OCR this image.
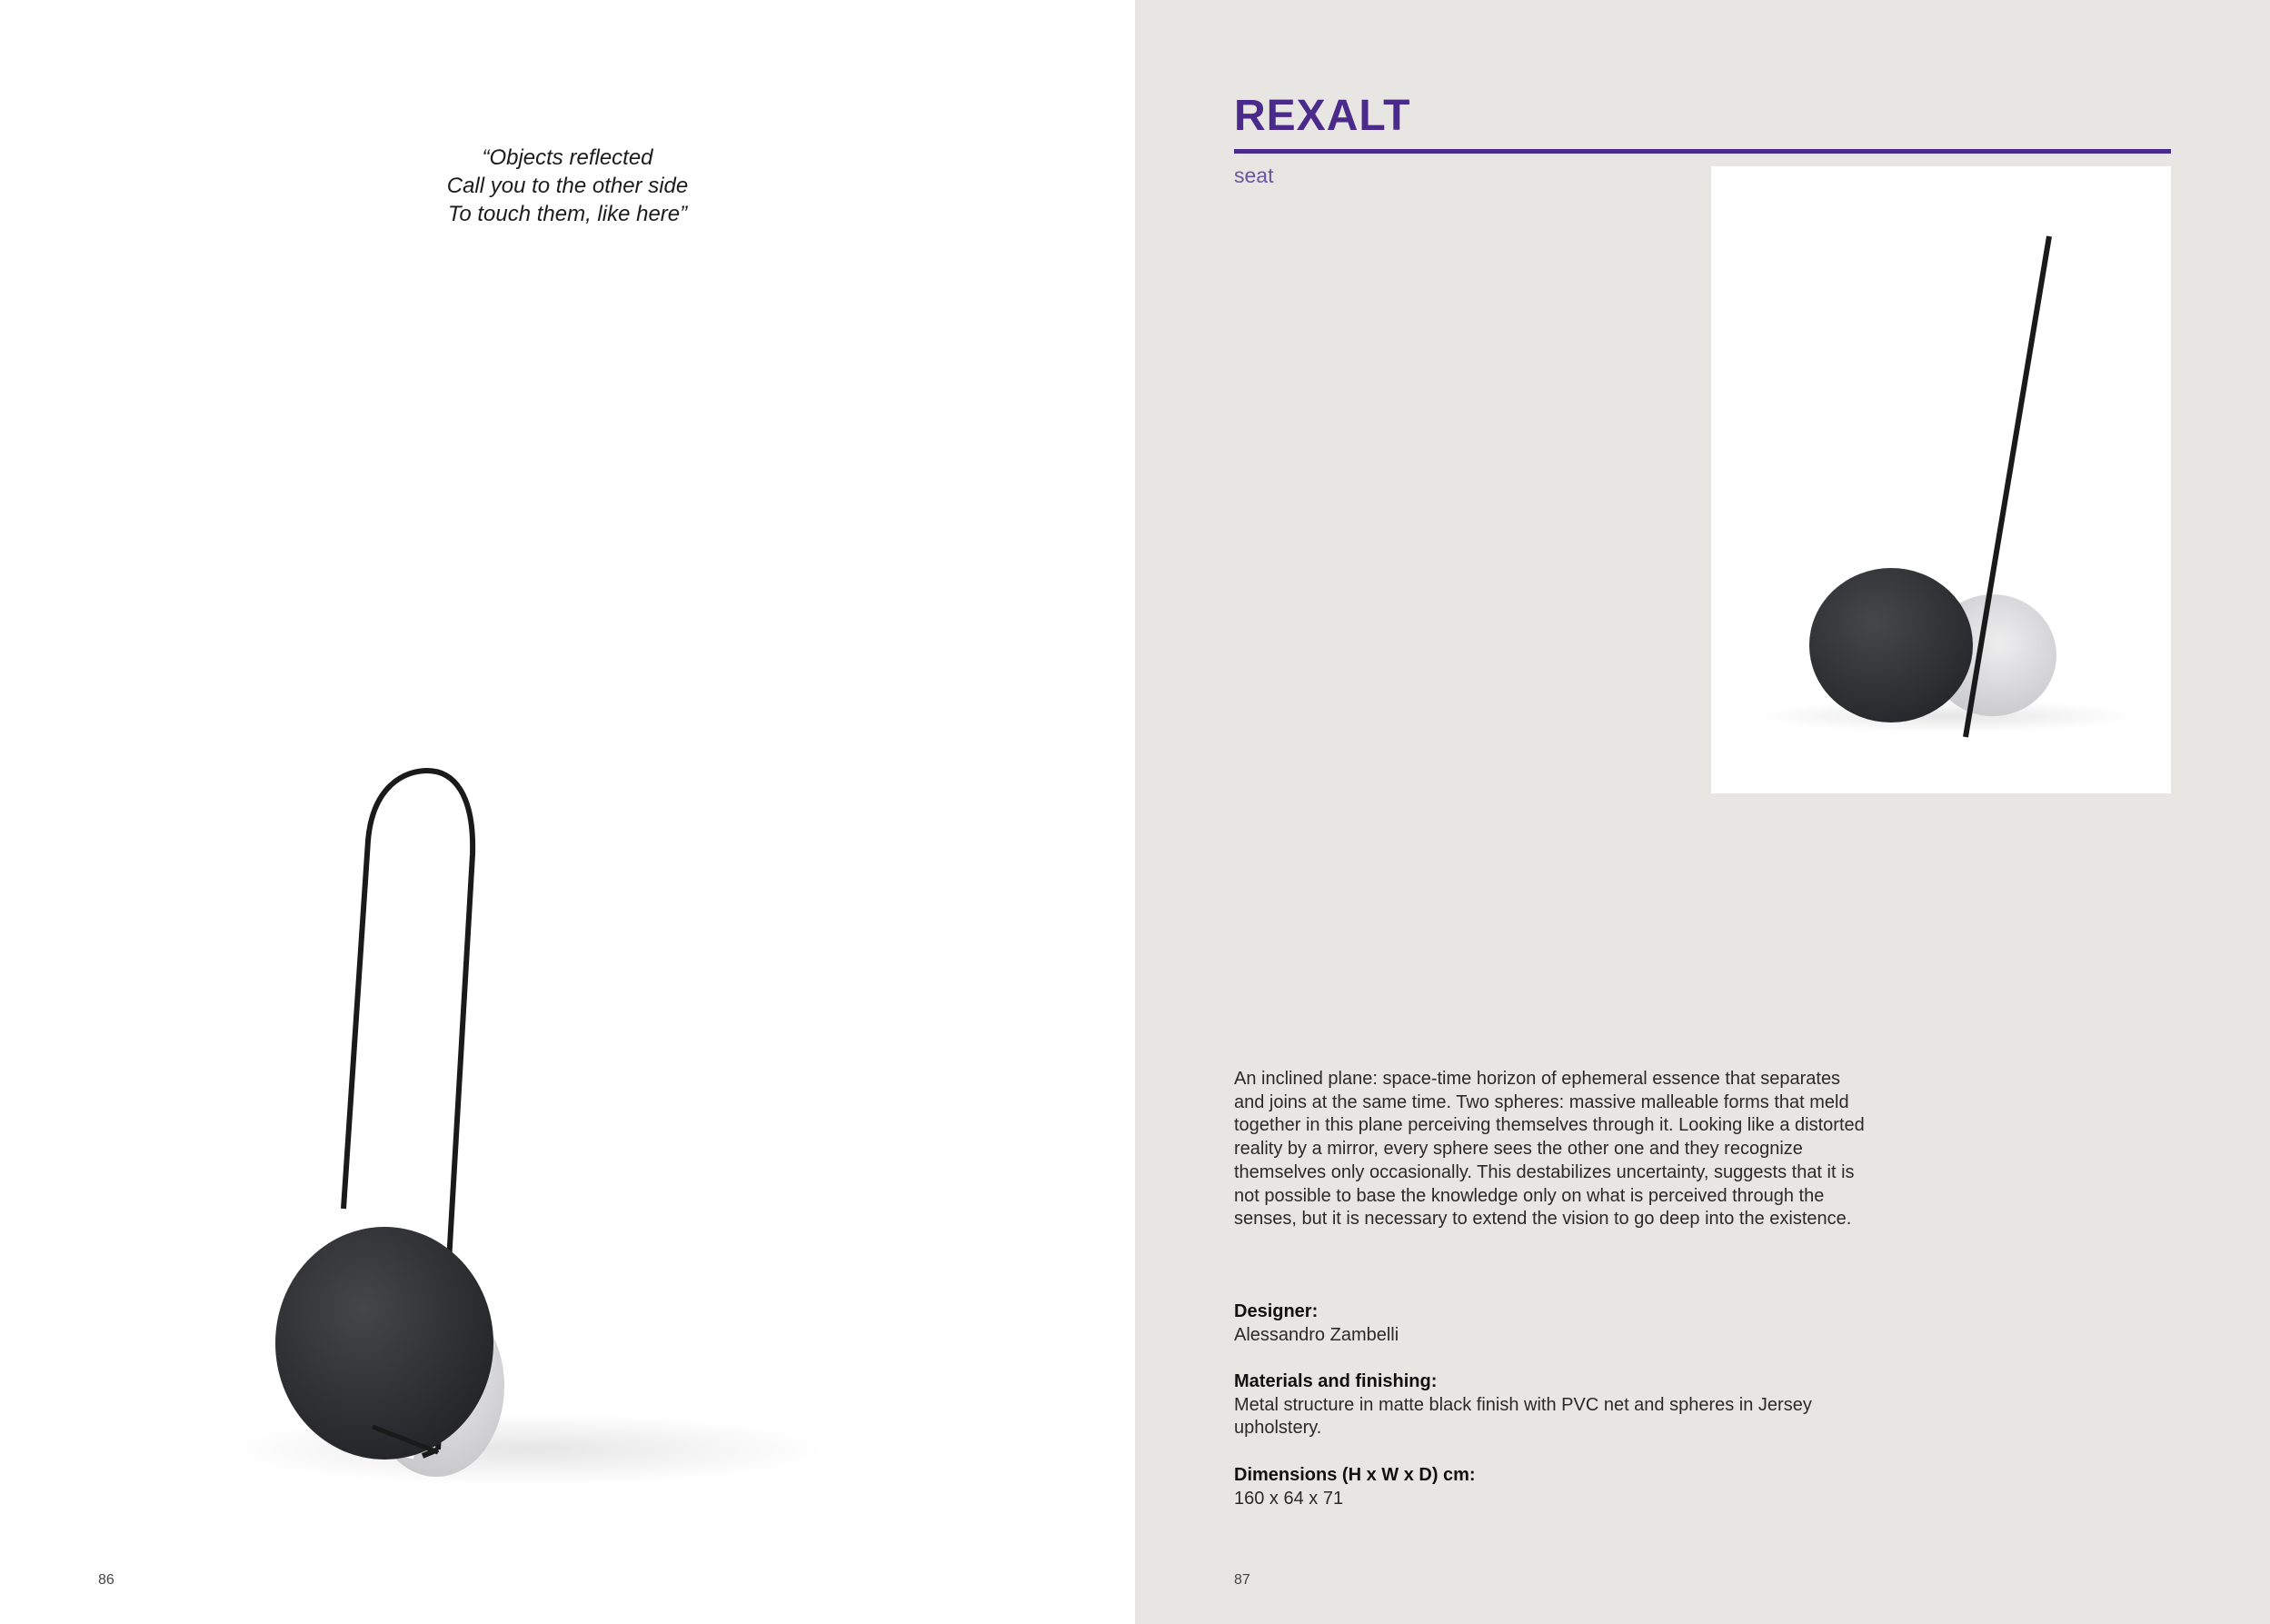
“Objects reflected
Call you to the other side
To touch them, like here”
86
REXALT
seat

An inclined plane: space-time horizon of ephemeral essence that separates and joins at the same time. Two spheres: massive malleable forms that meld together in this plane perceiving themselves through it. Looking like a distorted reality by a mirror, every sphere sees the other one and they recognize themselves only occasionally. This destabilizes uncertainty, suggests that it is not possible to base the knowledge only on what is perceived through the senses, but it is necessary to extend the vision to go deep into the existence.

Designer:
Alessandro Zambelli
Materials and finishing:
Metal structure in matte black finish with PVC net and spheres in Jersey upholstery.
Dimensions (H x W x D) cm:
160 x 64 x 71
87
